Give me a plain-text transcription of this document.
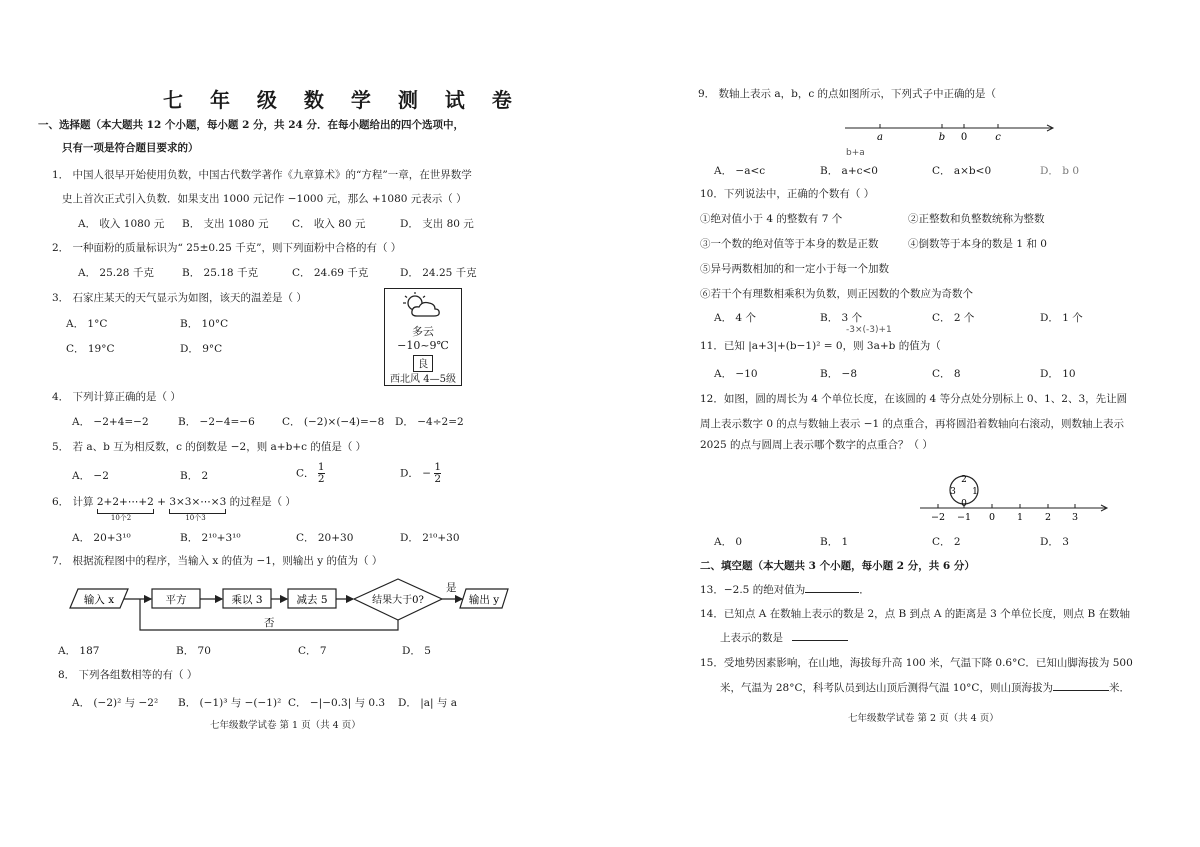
七 年 级 数 学 测 试 卷
一、选择题（本大题共 12 个小题，每小题 2 分，共 24 分．在每小题给出的四个选项中，
只有一项是符合题目要求的）
1． 中国人很早开始使用负数，中国古代数学著作《九章算术》的“方程”一章，在世界数学
史上首次正式引入负数．如果支出 1000 元记作 −1000 元，那么 +1080 元表示（ ）
A． 收入 1080 元 B． 支出 1080 元 C． 收入 80 元	D． 支出 80 元
2． 一种面粉的质量标识为“ 25±0.25 千克”，则下列面粉中合格的有（ ）
A． 25.28 千克	B． 25.18 千克	C． 24.69 千克	D． 24.25 千克
3． 石家庄某天的天气显示为如图，该天的温差是（ ）
A． 1°C	B． 10°C
C． 19°C	D． 9°C
多云
−10~9℃
良
西北风 4—5级
4． 下列计算正确的是（ ）
A． −2+4=−2	B． −2−4=−6	C． (−2)×(−4)=−8 D． −4÷2=2
5． 若 a、b 互为相反数，c 的倒数是 −2，则 a+b+c 的值是（ ）
A． −2	B． 2	C． $\frac{1}{2}$	D． − $\frac{1}{2}$
6． 计算 2+2+⋯+2
10个2
+ 3×3×⋯×3
10个3
的过程是（ ）
A． 20+3¹⁰	B． 2¹⁰+3¹⁰	C． 20+30	D． 2¹⁰+30
7． 根据流程图中的程序，当输入 x 的值为 −1，则输出 y 的值为（ ）
输入 x	平方	乘以 3	减去 5	结果大于0?
是
否
输出 y
A． 187	B． 70	C． 7	D． 5
8． 下列各组数相等的有（ ）
A． (−2)² 与 −2² B． (−1)³ 与 −(−1)² C． −|−0.3| 与 0.3 D． |a| 与 a
七年级数学试卷 第 1 页（共 4 页）
9． 数轴上表示 a，b，c 的点如图所示，下列式子中正确的是（
a	b 0	c
b+a
A． −a<c	B． a+c<0	C． a×b<0	D． b 0
10．下列说法中，正确的个数有（ ）
①绝对值小于 4 的整数有 7 个	②正整数和负整数统称为整数
③一个数的绝对值等于本身的数是正数	④倒数等于本身的数是 1 和 0
⑤异号两数相加的和一定小于每一个加数
⑥若干个有理数相乘积为负数，则正因数的个数应为奇数个
A． 4 个	B． 3 个	C． 2 个	D． 1 个
-3×(-3)+1
11．已知 |a+3|+(b−1)² = 0，则 3a+b 的值为（
A． −10	B． −8	C． 8	D． 10
12．如图，圆的周长为 4 个单位长度，在该圆的 4 等分点处分别标上 0、1、2、3，先让圆
周上表示数字 0 的点与数轴上表示 −1 的点重合，再将圆沿着数轴向右滚动，则数轴上表示
2025 的点与圆周上表示哪个数字的点重合？（ ）
2
3 1
0
−2 −1 0 1 2 3
A． 0	B． 1	C． 2	D． 3
二、填空题（本大题共 3 个小题，每小题 2 分，共 6 分）
13．−2.5 的绝对值为	．
14．已知点 A 在数轴上表示的数是 2，点 B 到点 A 的距离是 3 个单位长度，则点 B 在数轴
上表示的数是
15．受地势因素影响，在山地，海拔每升高 100 米，气温下降 0.6°C．已知山脚海拔为 500
米，气温为 28°C，科考队员到达山顶后测得气温 10°C，则山顶海拔为	米．
七年级数学试卷 第 2 页（共 4 页）
